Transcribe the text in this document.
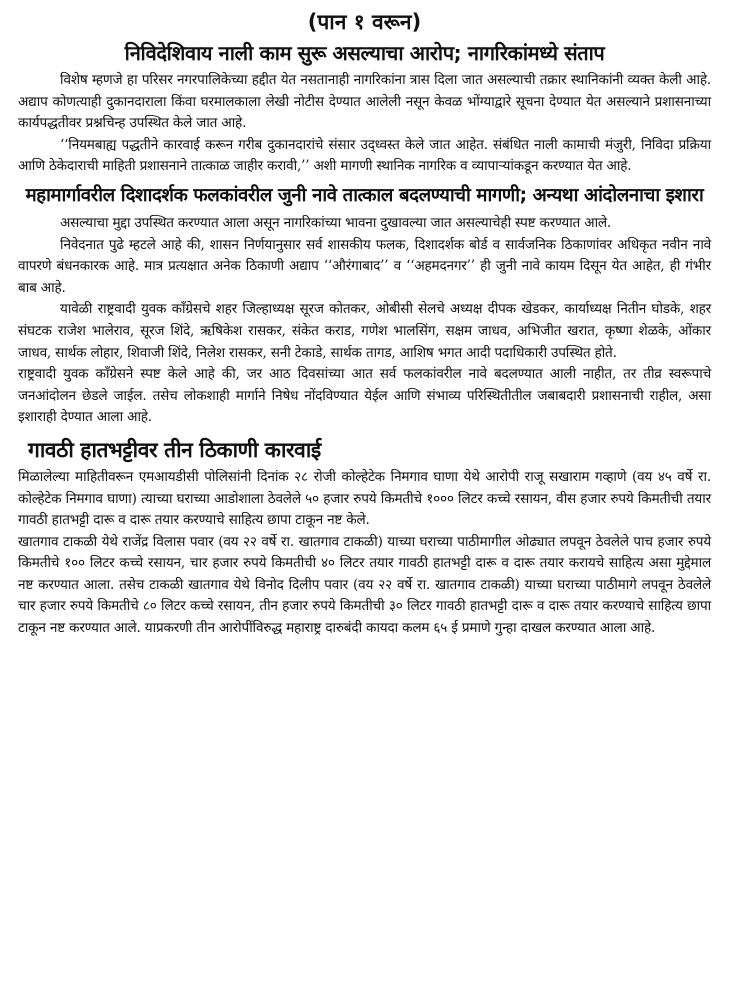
(पान १ वरून)
निविदेशिवाय नाली काम सुरू असल्याचा आरोप; नागरिकांमध्ये संताप

विशेष म्हणजे हा परिसर नगरपालिकेच्या हद्दीत येत नसतानाही नागरिकांना त्रास दिला जात असल्याची तक्रार स्थानिकांनी व्यक्त केली आहे. अद्याप कोणत्याही दुकानदाराला किंवा घरमालकाला लेखी नोटीस देण्यात आलेली नसून केवळ भोंग्याद्वारे सूचना देण्यात येत असल्याने प्रशासनाच्या कार्यपद्धतीवर प्रश्नचिन्ह उपस्थित केले जात आहे.

‘‘नियमबाह्य पद्धतीने कारवाई करून गरीब दुकानदारांचे संसार उद्ध्वस्त केले जात आहेत. संबंधित नाली कामाची मंजुरी, निविदा प्रक्रिया आणि ठेकेदाराची माहिती प्रशासनाने तात्काळ जाहीर करावी,’’ अशी मागणी स्थानिक नागरिक व व्यापाऱ्यांकडून करण्यात येत आहे.

महामार्गावरील दिशादर्शक फलकांवरील जुनी नावे तात्काल बदलण्याची मागणी; अन्यथा आंदोलनाचा इशारा

असल्याचा मुद्दा उपस्थित करण्यात आला असून नागरिकांच्या भावना दुखावल्या जात असल्याचेही स्पष्ट करण्यात आले.

निवेदनात पुढे म्हटले आहे की, शासन निर्णयानुसार सर्व शासकीय फलक, दिशादर्शक बोर्ड व सार्वजनिक ठिकाणांवर अधिकृत नवीन नावे वापरणे बंधनकारक आहे. मात्र प्रत्यक्षात अनेक ठिकाणी अद्याप ‘‘औरंगाबाद’’ व ‘‘अहमदनगर’’ ही जुनी नावे कायम दिसून येत आहेत, ही गंभीर बाब आहे.

यावेळी राष्ट्रवादी युवक काँग्रेसचे शहर जिल्हाध्यक्ष सूरज कोतकर, ओबीसी सेलचे अध्यक्ष दीपक खेडकर, कार्याध्यक्ष नितीन घोडके, शहर संघटक राजेश भालेराव, सूरज शिंदे, ऋषिकेश रासकर, संकेत कराड, गणेश भालसिंग, सक्षम जाधव, अभिजीत खरात, कृष्णा शेळके, ओंकार जाधव, सार्थक लोहार, शिवाजी शिंदे, निलेश रासकर, सनी टेकाडे, सार्थक तागड, आशिष भगत आदी पदाधिकारी उपस्थित होते.

राष्ट्रवादी युवक काँग्रेसने स्पष्ट केले आहे की, जर आठ दिवसांच्या आत सर्व फलकांवरील नावे बदलण्यात आली नाहीत, तर तीव्र स्वरूपाचे जनआंदोलन छेडले जाईल. तसेच लोकशाही मार्गाने निषेध नोंदविण्यात येईल आणि संभाव्य परिस्थितीतील जबाबदारी प्रशासनाची राहील, असा इशाराही देण्यात आला आहे.

गावठी हातभट्टीवर तीन ठिकाणी कारवाई

मिळालेल्या माहितीवरून एमआयडीसी पोलिसांनी दिनांक २८ रोजी कोल्हेटेक निमगाव घाणा येथे आरोपी राजू सखाराम गव्हाणे (वय ४५ वर्षे रा. कोल्हेटेक निमगाव घाणा) त्याच्या घराच्या आडोशाला ठेवलेले ५० हजार रुपये किमतीचे १००० लिटर कच्चे रसायन, वीस हजार रुपये किमतीची तयार गावठी हातभट्टी दारू व दारू तयार करण्याचे साहित्य छापा टाकून नष्ट केले.

खातगाव टाकळी येथे राजेंद्र विलास पवार (वय २२ वर्षे रा. खातगाव टाकळी) याच्या घराच्या पाठीमागील ओढ्यात लपवून ठेवलेले पाच हजार रुपये किमतीचे १०० लिटर कच्चे रसायन, चार हजार रुपये किमतीची ४० लिटर तयार गावठी हातभट्टी दारू व दारू तयार करायचे साहित्य असा मुद्देमाल नष्ट करण्यात आला. तसेच टाकळी खातगाव येथे विनोद दिलीप पवार (वय २२ वर्षे रा. खातगाव टाकळी) याच्या घराच्या पाठीमागे लपवून ठेवलेले चार हजार रुपये किमतीचे ८० लिटर कच्चे रसायन, तीन हजार रुपये किमतीची ३० लिटर गावठी हातभट्टी दारू व दारू तयार करण्याचे साहित्य छापा टाकून नष्ट करण्यात आले. याप्रकरणी तीन आरोपींविरुद्ध महाराष्ट्र दारुबंदी कायदा कलम ६५ ई प्रमाणे गुन्हा दाखल करण्यात आला आहे.
